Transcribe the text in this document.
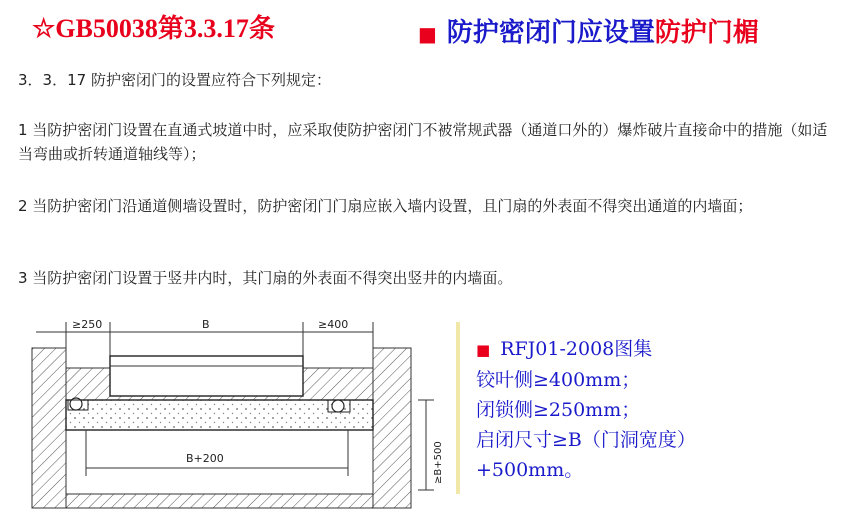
☆GB50038第3.3.17条	■ 防护密闭门应设置防护门楣
3．3．17 防护密闭门的设置应符合下列规定：
1 当防护密闭门设置在直通式坡道中时，应采取使防护密闭门不被常规武器（通道口外的）爆炸破片直接命中的措施（如适当弯曲或折转通道轴线等）；
2 当防护密闭门沿通道侧墙设置时，防护密闭门门扇应嵌入墙内设置，且门扇的外表面不得突出通道的内墙面；
3 当防护密闭门设置于竖井内时，其门扇的外表面不得突出竖井的内墙面。
≥250	B	≥400
B+200	≥B+500
■ RFJ01-2008图集
铰叶侧≥400mm；
闭锁侧≥250mm；
启闭尺寸≥B（门洞宽度）
+500mm。
